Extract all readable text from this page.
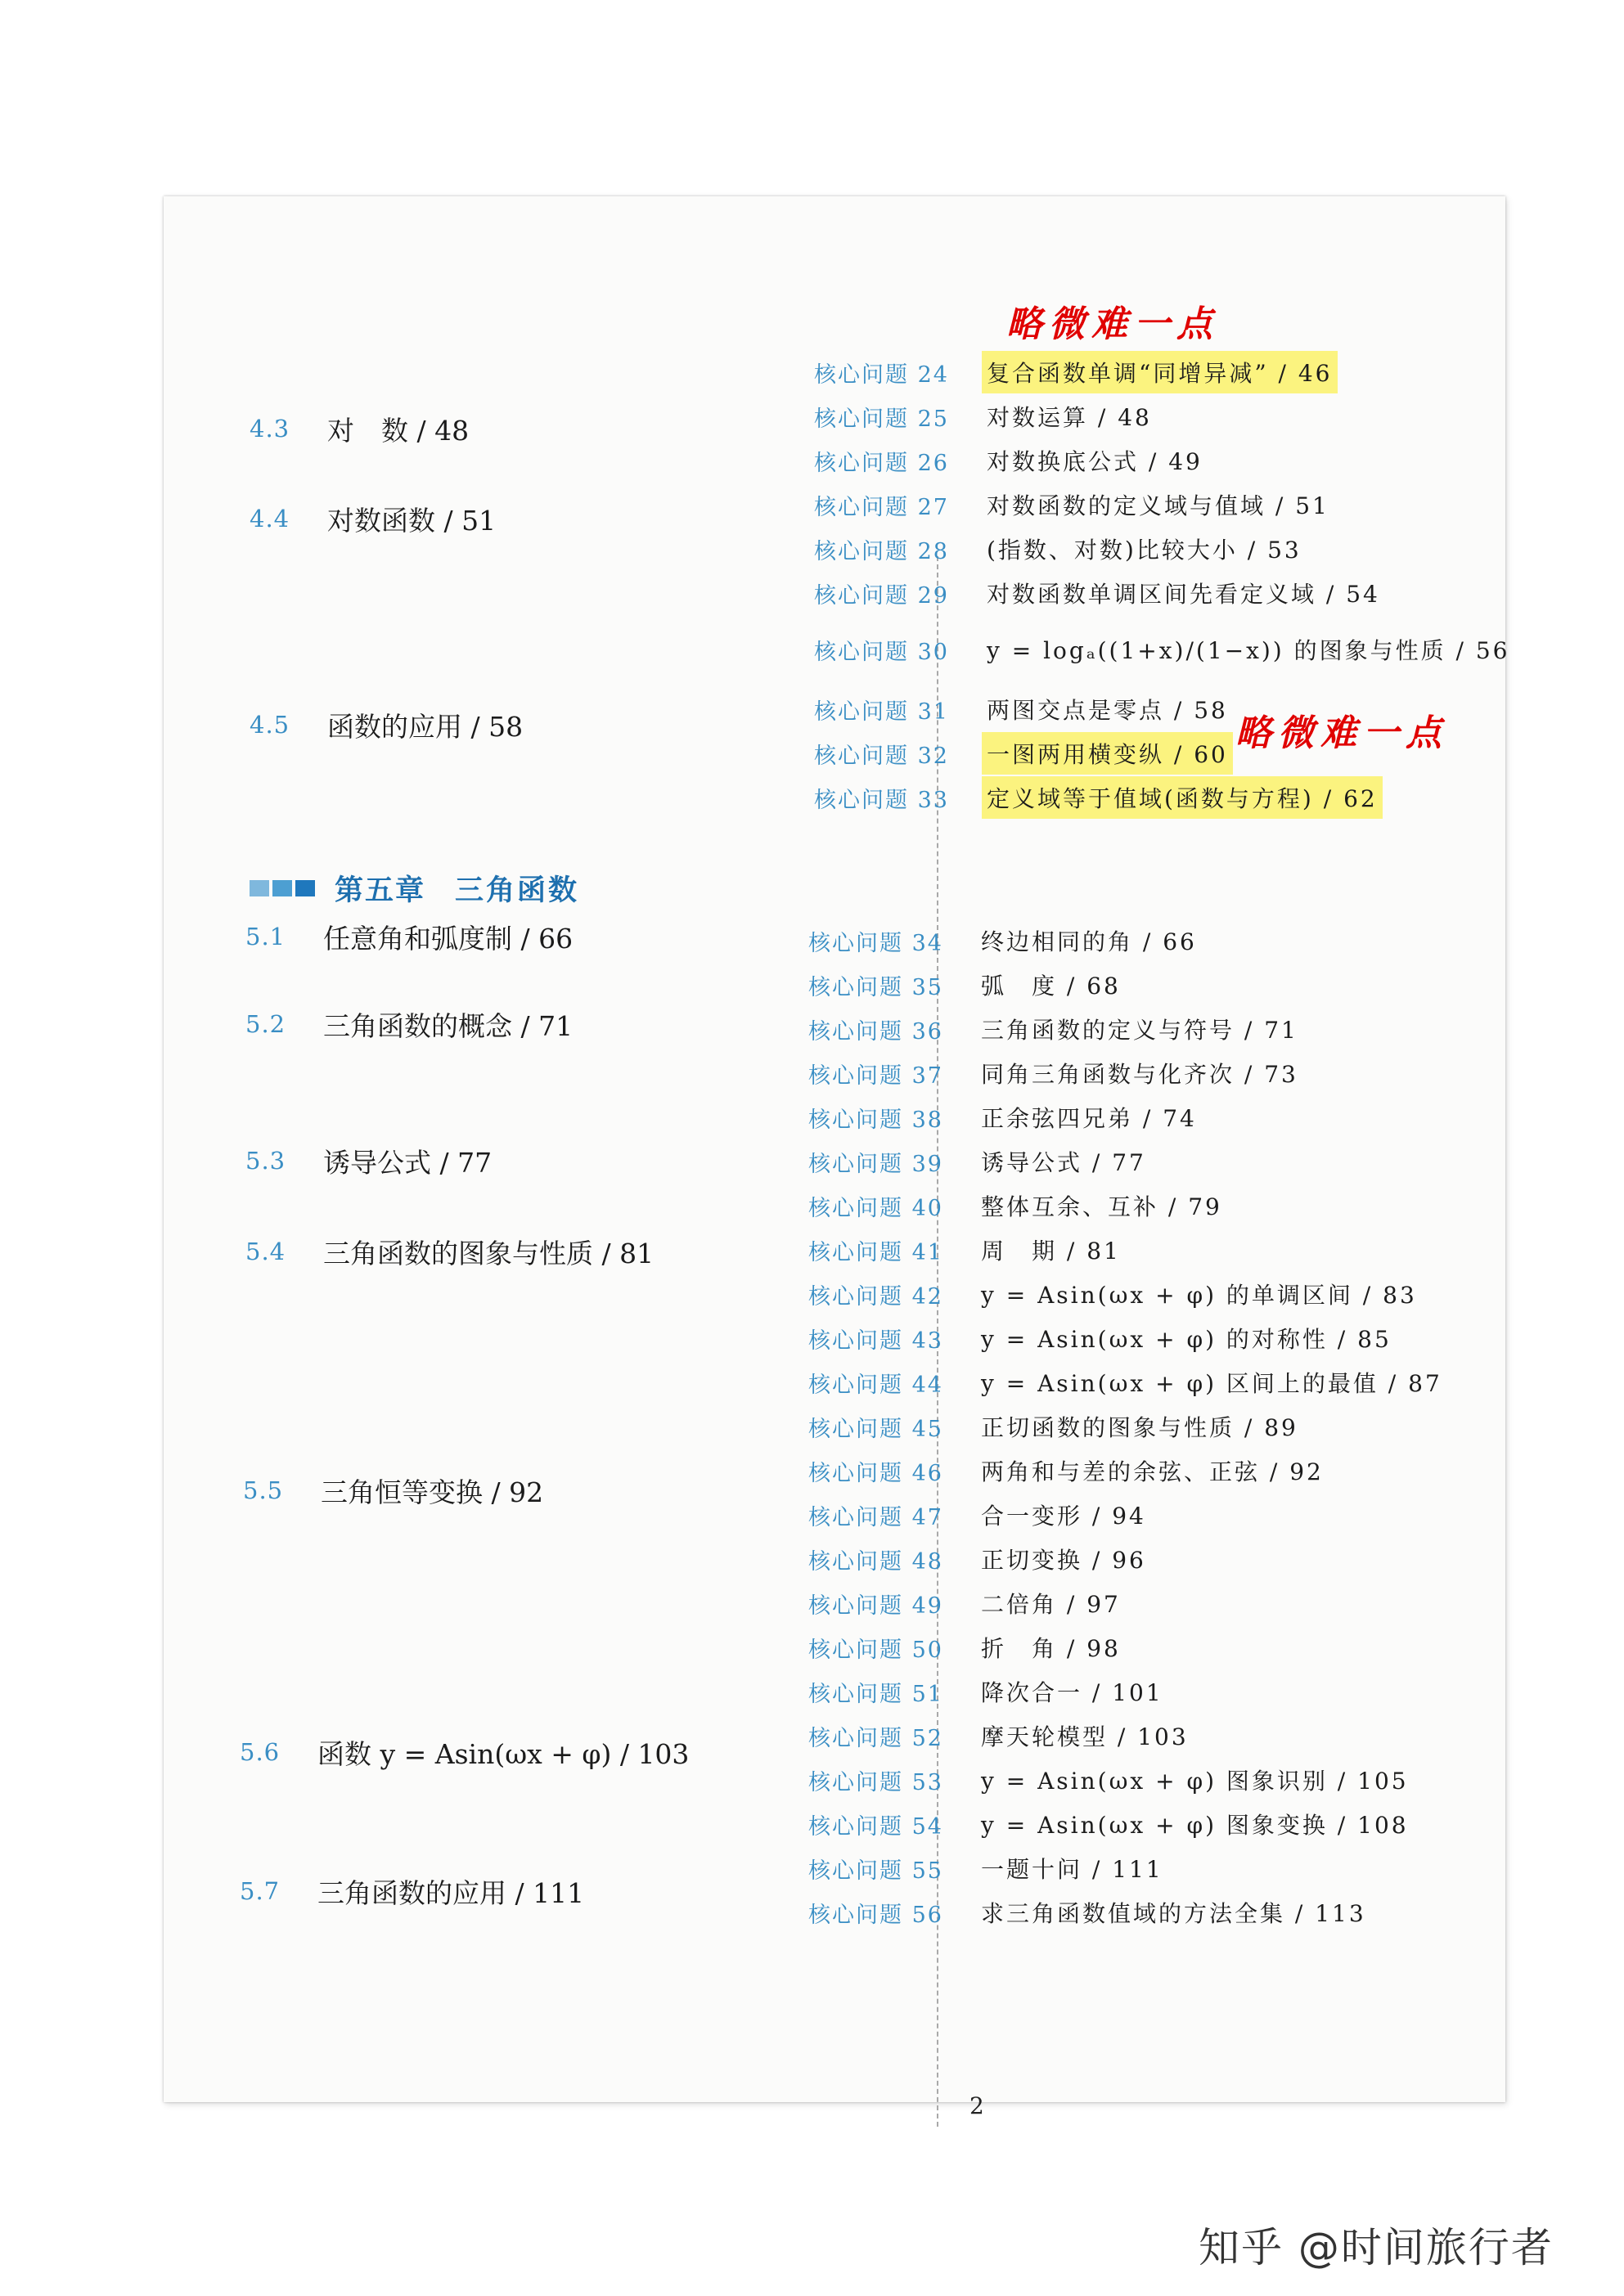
4.3	对　数 / 48
4.4	对数函数 / 51
4.5	函数的应用 / 58
第五章 三角函数
5.1	任意角和弧度制 / 66
5.2	三角函数的概念 / 71
5.3	诱导公式 / 77
5.4	三角函数的图象与性质 / 81
5.5	三角恒等变换 / 92
5.6	函数 y = Asin(ωx + φ) / 103
5.7	三角函数的应用 / 111
核心问题 24	复合函数单调“同增异减” / 46
核心问题 25	对数运算 / 48
核心问题 26	对数换底公式 / 49
核心问题 27	对数函数的定义域与值域 / 51
核心问题 28	(指数、对数)比较大小 / 53
核心问题 29	对数函数单调区间先看定义域 / 54
核心问题 30	y = logₐ((1+x)/(1−x)) 的图象与性质 / 56
核心问题 31	两图交点是零点 / 58
核心问题 32	一图两用横变纵 / 60
核心问题 33	定义域等于值域(函数与方程) / 62
核心问题 34	终边相同的角 / 66
核心问题 35	弧　度 / 68
核心问题 36	三角函数的定义与符号 / 71
核心问题 37	同角三角函数与化齐次 / 73
核心问题 38	正余弦四兄弟 / 74
核心问题 39	诱导公式 / 77
核心问题 40	整体互余、互补 / 79
核心问题 41	周　期 / 81
核心问题 42	y = Asin(ωx + φ) 的单调区间 / 83
核心问题 43	y = Asin(ωx + φ) 的对称性 / 85
核心问题 44	y = Asin(ωx + φ) 区间上的最值 / 87
核心问题 45	正切函数的图象与性质 / 89
核心问题 46	两角和与差的余弦、正弦 / 92
核心问题 47	合一变形 / 94
核心问题 48	正切变换 / 96
核心问题 49	二倍角 / 97
核心问题 50	折　角 / 98
核心问题 51	降次合一 / 101
核心问题 52	摩天轮模型 / 103
核心问题 53	y = Asin(ωx + φ) 图象识别 / 105
核心问题 54	y = Asin(ωx + φ) 图象变换 / 108
核心问题 55	一题十问 / 111
核心问题 56	求三角函数值域的方法全集 / 113
略微难一点
略微难一点
2
知乎 @时间旅行者
